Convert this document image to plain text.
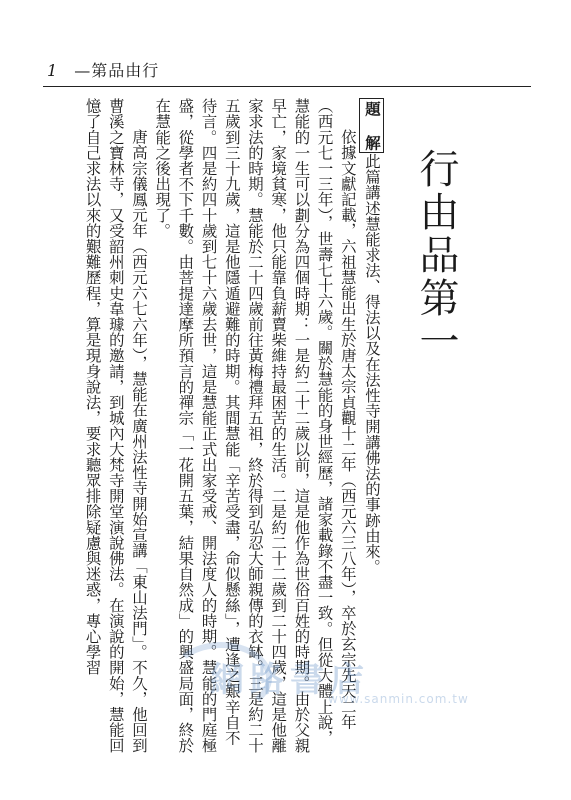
1 —第品由行
行由品第一

題 解此篇講述慧能求法、得法以及在法性寺開講佛法的事跡由來。

依據文獻記載，六祖慧能出生於唐太宗貞觀十二年（西元六三八年），卒於玄宗先天二年（西元七一三年），世壽七十六歲。關於慧能的身世經歷，諸家載錄不盡一致。但從大體上說，慧能的一生可以劃分為四個時期：一是約二十二歲以前，這是他作為世俗百姓的時期。由於父親早亡，家境貧寒，他只能靠負薪賣柴維持最困苦的生活。二是約二十二歲到二十四歲，這是他離家求法的時期。慧能於二十四歲前往黃梅禮拜五祖，終於得到弘忍大師親傳的衣缽。三是約二十五歲到三十九歲，這是他隱遁避難的時期。其間慧能「辛苦受盡，命似懸絲」，遭逢之艱辛自不待言。四是約四十歲到七十六歲去世，這是慧能正式出家受戒、開法度人的時期。慧能的門庭極盛，從學者不下千數。由菩提達摩所預言的禪宗「一花開五葉，結果自然成」的興盛局面，終於在慧能之後出現了。

唐高宗儀鳳元年（西元六七六年），慧能在廣州法性寺開始宣講「東山法門」。不久，他回到曹溪之寶林寺，又受韶州刺史韋璩的邀請，到城內大梵寺開堂演說佛法。在演說的開始，慧能回憶了自己求法以來的艱難歷程，算是現身說法，要求聽眾排除疑慮與迷惑，專心學習

網路書店
www.sanmin.com.tw
